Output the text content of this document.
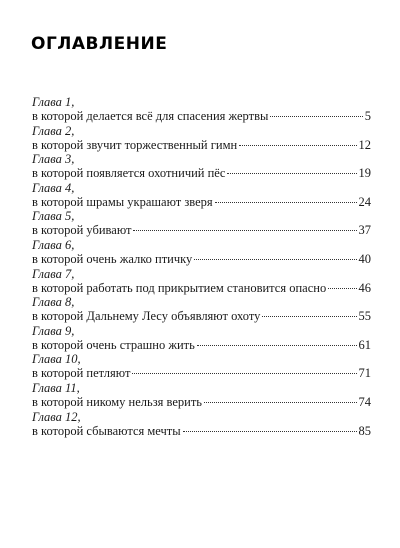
ОГЛАВЛЕНИЕ
Глава 1,
в которой делается всё для спасения жертвы	5
Глава 2,
в которой звучит торжественный гимн	12
Глава 3,
в которой появляется охотничий пёс	19
Глава 4,
в которой шрамы украшают зверя	24
Глава 5,
в которой убивают	37
Глава 6,
в которой очень жалко птичку	40
Глава 7,
в которой работать под прикрытием становится опасно	46
Глава 8,
в которой Дальнему Лесу объявляют охоту	55
Глава 9,
в которой очень страшно жить	61
Глава 10,
в которой петляют	71
Глава 11,
в которой никому нельзя верить	74
Глава 12,
в которой сбываются мечты	85
